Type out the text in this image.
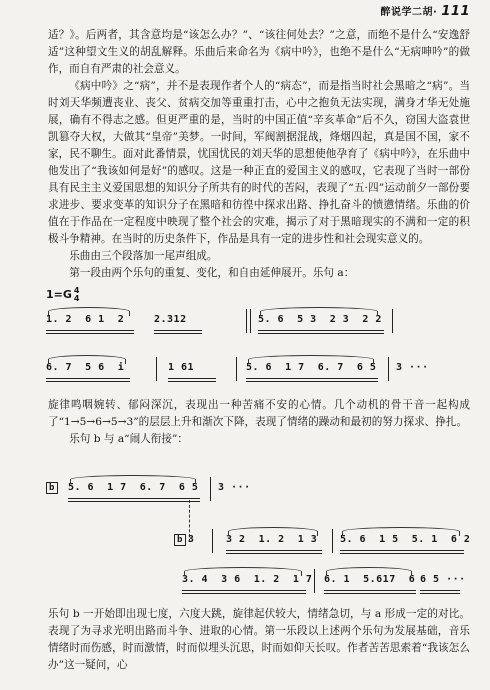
醉说学二胡· 111

适？》。后两者，其含意均是“该怎么办？”、“该往何处去？”之意，而绝不是什么“安逸舒适”这种望文生义的胡乱解释。乐曲后来命名为《病中吟》，也绝不是什么“无病呻吟”的做作，而自有严肃的社会意义。

《病中吟》之“病”，并不是表现作者个人的“病态”，而是指当时社会黑暗之“病”。当时刘天华频遭丧业、丧父、贫病交加等重重打击，心中之抱负无法实现，满身才华无处施展，确有不得志之感。但更严重的是，当时的中国正值“辛亥革命”后不久，窃国大盗袁世凯篡夺大权，大做其“皇帝”美梦。一时间，军阀割据混战，烽烟四起，真是国不国，家不家，民不聊生。面对此番情景，忧国忧民的刘天华的思想使他孕育了《病中吟》，在乐曲中他发出了“我该如何是好”的感叹。这是一种正直的爱国主义的感叹，它表现了当时一部份具有民主主义爱国思想的知识分子所共有的时代的苦闷，表现了“五·四”运动前夕一部份要求进步、要求变革的知识分子在黑暗和彷徨中探求出路、挣扎奋斗的愤懑情绪。乐曲的价值在于作品在一定程度中映现了整个社会的灾难，揭示了对于黑暗现实的不满和一定的积极斗争精神。在当时的历史条件下，作品是具有一定的进步性和社会现实意义的。

乐曲由三个段落加一尾声组成。

第一段由两个乐句的重复、变化，和自由延伸展开。乐句 a：

1=G 4
4

1. 2  6 1  2

	2.312

	5. 6  5 3  2 3  2 2

6. 7  5 6  i

	1 61

	5. 6  1 7  6. 7  6 5

3 ···

旋律鸣咽婉转、郁闷深沉，表现出一种苦痛不安的心情。几个动机的骨干音一起构成了“1→5→6→5→3”的层层上升和渐次下降，表现了情绪的躁动和最初的努力探求、挣扎。

乐句 b 与 a“闹人衔接”：

b

	5. 6  1 7  6. 7  6 5

3 ···

b 3

	3 2  1. 2  1 3

	5. 6  1 5  5. 1  6 2

3. 4  3 6  1. 2  1 7

6. 1  5.617  6

6 5 ···

乐句 b 一开始即出现七度，六度大跳，旋律起伏较大，情绪急切，与 a 形成一定的对比。表现了为寻求光明出路而斗争、进取的心情。第一乐段以上述两个乐句为发展基础，音乐情绪时而伤感，时而激情，时而似埋头沉思，时而如仰天长叹。作者苦苦思索着“我该怎么办”这一疑问，心
